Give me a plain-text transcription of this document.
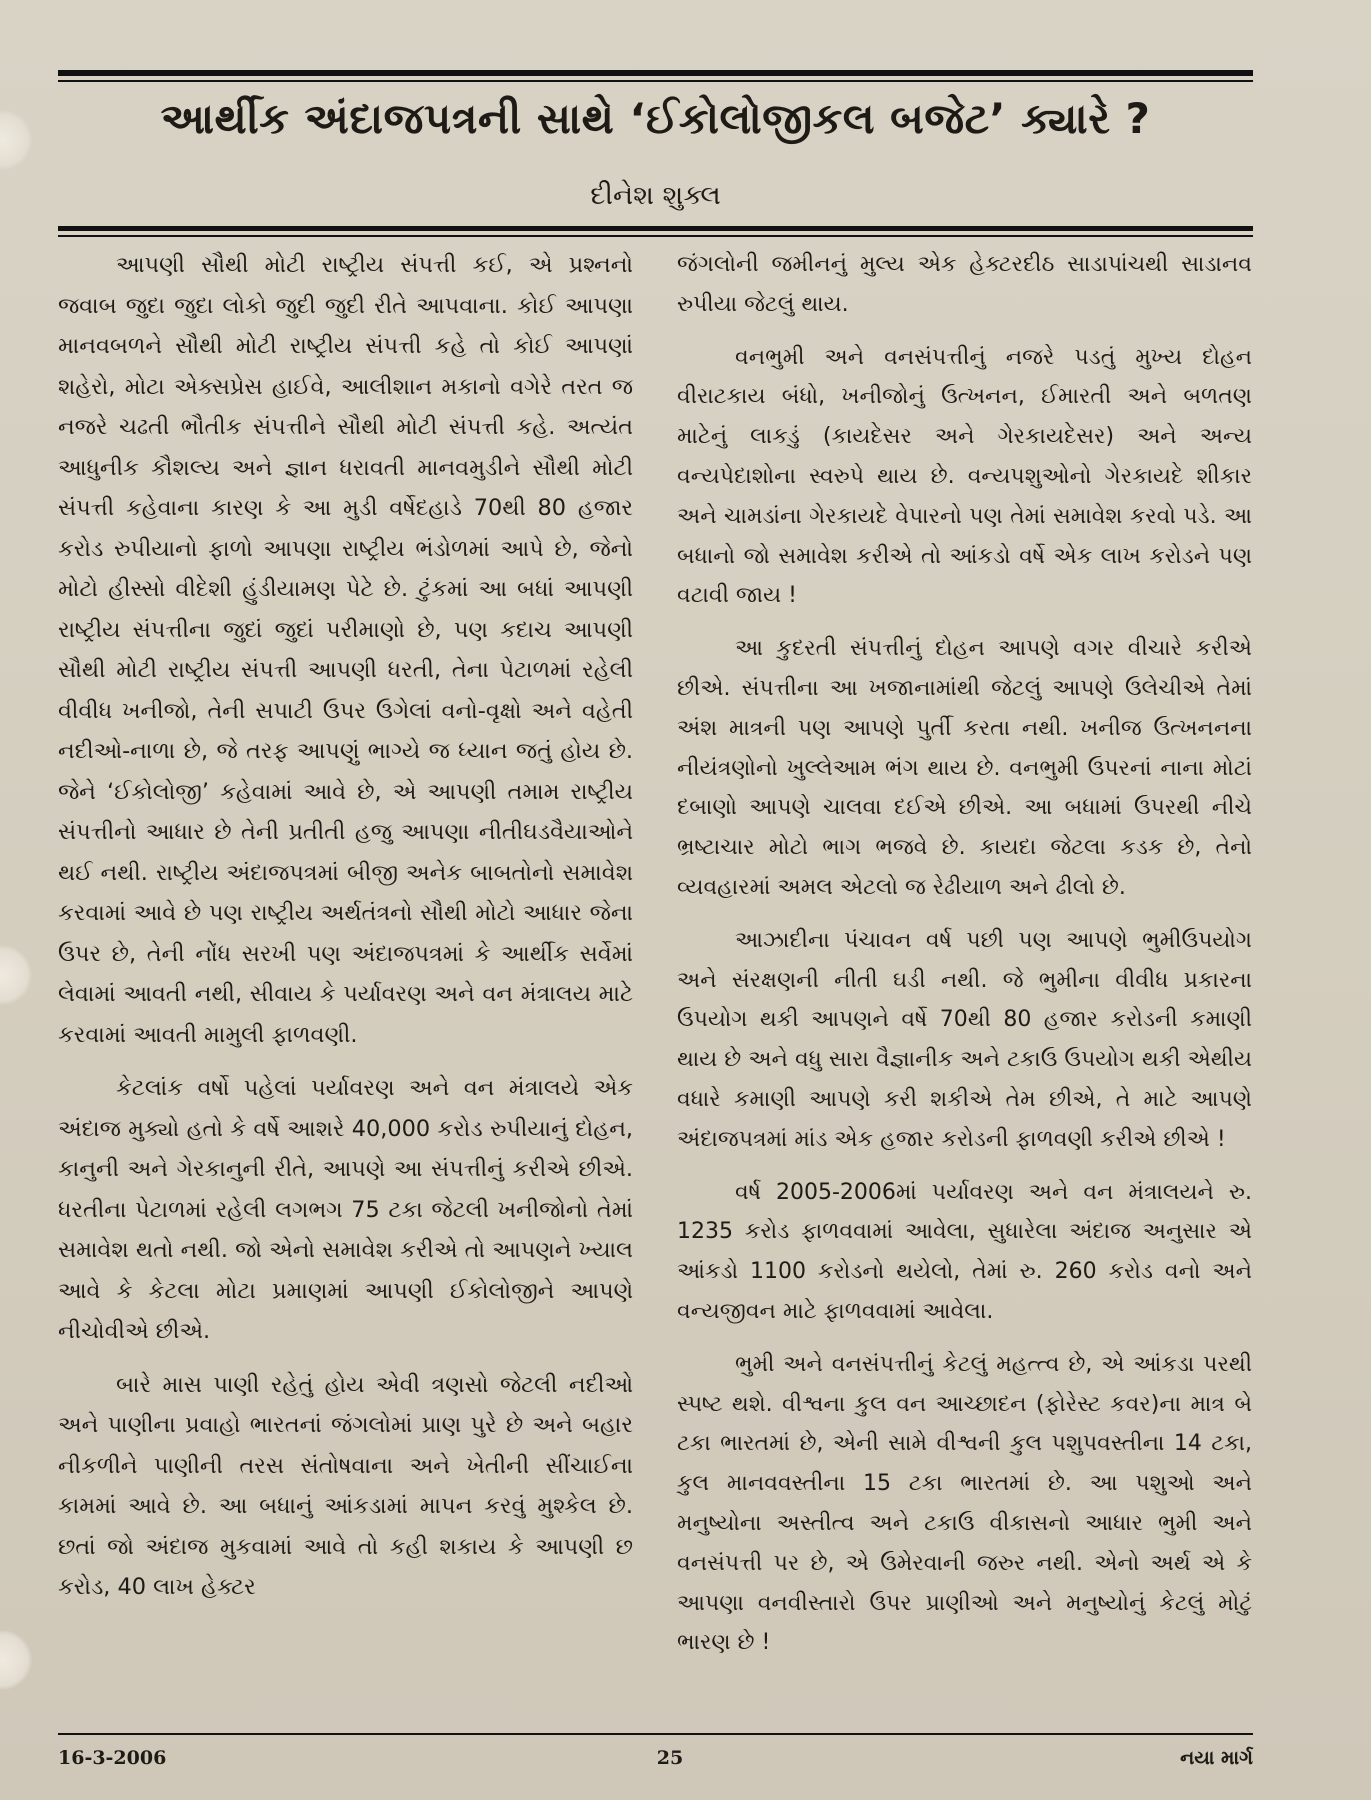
આર્થીક અંદાજપત્રની સાથે ‘ઈકોલોજીકલ બજેટ’ ક્યારે ?

દીનેશ શુક્લ

આપણી સૌથી મોટી રાષ્ટ્રીય સંપત્તી કઈ, એ પ્રશ્નનો જવાબ જુદા જુદા લોકો જુદી જુદી રીતે આપવાના. કોઈ આપણા માનવબળને સૌથી મોટી રાષ્ટ્રીય સંપત્તી કહે તો કોઈ આપણાં શહેરો, મોટા એક્સપ્રેસ હાઈવે, આલીશાન મકાનો વગેરે તરત જ નજરે ચઢતી ભૌતીક સંપત્તીને સૌથી મોટી સંપત્તી કહે. અત્યંત આધુનીક કૌશલ્ય અને જ્ઞાન ધરાવતી માનવમુડીને સૌથી મોટી સંપત્તી કહેવાના કારણ કે આ મુડી વર્ષેદહાડે 70થી 80 હજાર કરોડ રુપીયાનો ફાળો આપણા રાષ્ટ્રીય ભંડોળમાં આપે છે, જેનો મોટો હીસ્સો વીદેશી હુંડીયામણ પેટે છે. ટુંકમાં આ બધાં આપણી રાષ્ટ્રીય સંપત્તીના જુદાં જુદાં પરીમાણો છે, પણ કદાચ આપણી સૌથી મોટી રાષ્ટ્રીય સંપત્તી આપણી ધરતી, તેના પેટાળમાં રહેલી વીવીધ ખનીજો, તેની સપાટી ઉપર ઉગેલાં વનો-વૃક્ષો અને વહેતી નદીઓ-નાળા છે, જે તરફ આપણું ભાગ્યે જ ધ્યાન જતું હોય છે. જેને ‘ઈકોલોજી’ કહેવામાં આવે છે, એ આપણી તમામ રાષ્ટ્રીય સંપત્તીનો આધાર છે તેની પ્રતીતી હજુ આપણા નીતીઘડવૈયાઓને થઈ નથી. રાષ્ટ્રીય અંદાજપત્રમાં બીજી અનેક બાબતોનો સમાવેશ કરવામાં આવે છે પણ રાષ્ટ્રીય અર્થતંત્રનો સૌથી મોટો આધાર જેના ઉપર છે, તેની નોંધ સરખી પણ અંદાજપત્રમાં કે આર્થીક સર્વેમાં લેવામાં આવતી નથી, સીવાય કે પર્યાવરણ અને વન મંત્રાલય માટે કરવામાં આવતી મામુલી ફાળવણી.

કેટલાંક વર્ષો પહેલાં પર્યાવરણ અને વન મંત્રાલયે એક અંદાજ મુક્યો હતો કે વર્ષે આશરે 40,000 કરોડ રુપીયાનું દોહન, કાનુની અને ગેરકાનુની રીતે, આપણે આ સંપત્તીનું કરીએ છીએ. ધરતીના પેટાળમાં રહેલી લગભગ 75 ટકા જેટલી ખનીજોનો તેમાં સમાવેશ થતો નથી. જો એનો સમાવેશ કરીએ તો આપણને ખ્યાલ આવે કે કેટલા મોટા પ્રમાણમાં આપણી ઈકોલોજીને આપણે નીચોવીએ છીએ.

બારે માસ પાણી રહેતું હોય એવી ત્રણસો જેટલી નદીઓ અને પાણીના પ્રવાહો ભારતનાં જંગલોમાં પ્રાણ પુરે છે અને બહાર નીકળીને પાણીની તરસ સંતોષવાના અને ખેતીની સીંચાઈના કામમાં આવે છે. આ બધાનું આંકડામાં માપન કરવું મુશ્કેલ છે. છતાં જો અંદાજ મુકવામાં આવે તો કહી શકાય કે આપણી છ કરોડ, 40 લાખ હેક્ટર

જંગલોની જમીનનું મુલ્ય એક હેક્ટરદીઠ સાડાપાંચથી સાડાનવ રુપીયા જેટલું થાય.

વનભુમી અને વનસંપત્તીનું નજરે પડતું મુખ્ય દોહન વીરાટકાય બંધો, ખનીજોનું ઉત્ખનન, ઈમારતી અને બળતણ માટેનું લાકડું (કાયદેસર અને ગેરકાયદેસર) અને અન્ય વન્યપેદાશોના સ્વરુપે થાય છે. વન્યપશુઓનો ગેરકાયદે શીકાર અને ચામડાંના ગેરકાયદે વેપારનો પણ તેમાં સમાવેશ કરવો પડે. આ બધાનો જો સમાવેશ કરીએ તો આંકડો વર્ષે એક લાખ કરોડને પણ વટાવી જાય !

આ કુદરતી સંપત્તીનું દોહન આપણે વગર વીચારે કરીએ છીએ. સંપત્તીના આ ખજાનામાંથી જેટલું આપણે ઉલેચીએ તેમાં અંશ માત્રની પણ આપણે પુર્તી કરતા નથી. ખનીજ ઉત્ખનનના નીયંત્રણોનો ખુલ્લેઆમ ભંગ થાય છે. વનભુમી ઉપરનાં નાના મોટાં દબાણો આપણે ચાલવા દઈએ છીએ. આ બધામાં ઉપરથી નીચે ભ્રષ્ટાચાર મોટો ભાગ ભજવે છે. કાયદા જેટલા કડક છે, તેનો વ્યવહારમાં અમલ એટલો જ રેઢીયાળ અને ઢીલો છે.

આઝાદીના પંચાવન વર્ષ પછી પણ આપણે ભુમીઉપયોગ અને સંરક્ષણની નીતી ઘડી નથી. જે ભુમીના વીવીધ પ્રકારના ઉપયોગ થકી આપણને વર્ષે 70થી 80 હજાર કરોડની કમાણી થાય છે અને વધુ સારા વૈજ્ઞાનીક અને ટકાઉ ઉપયોગ થકી એથીય વધારે કમાણી આપણે કરી શકીએ તેમ છીએ, તે માટે આપણે અંદાજપત્રમાં માંડ એક હજાર કરોડની ફાળવણી કરીએ છીએ !

વર્ષ 2005-2006માં પર્યાવરણ અને વન મંત્રાલયને રુ. 1235 કરોડ ફાળવવામાં આવેલા, સુધારેલા અંદાજ અનુસાર એ આંકડો 1100 કરોડનો થયેલો, તેમાં રુ. 260 કરોડ વનો અને વન્યજીવન માટે ફાળવવામાં આવેલા.

ભુમી અને વનસંપત્તીનું કેટલું મહત્ત્વ છે, એ આંકડા પરથી સ્પષ્ટ થશે. વીશ્વના કુલ વન આચ્છાદન (ફોરેસ્ટ કવર)ના માત્ર બે ટકા ભારતમાં છે, એની સામે વીશ્વની કુલ પશુપવસ્તીના 14 ટકા, કુલ માનવવસ્તીના 15 ટકા ભારતમાં છે. આ પશુઓ અને મનુષ્યોના અસ્તીત્વ અને ટકાઉ વીકાસનો આધાર ભુમી અને વનસંપત્તી પર છે, એ ઉમેરવાની જરુર નથી. એનો અર્થ એ કે આપણા વનવીસ્તારો ઉપર પ્રાણીઓ અને મનુષ્યોનું કેટલું મોટું ભારણ છે !

16-3-2006	25	નયા માર્ગ
